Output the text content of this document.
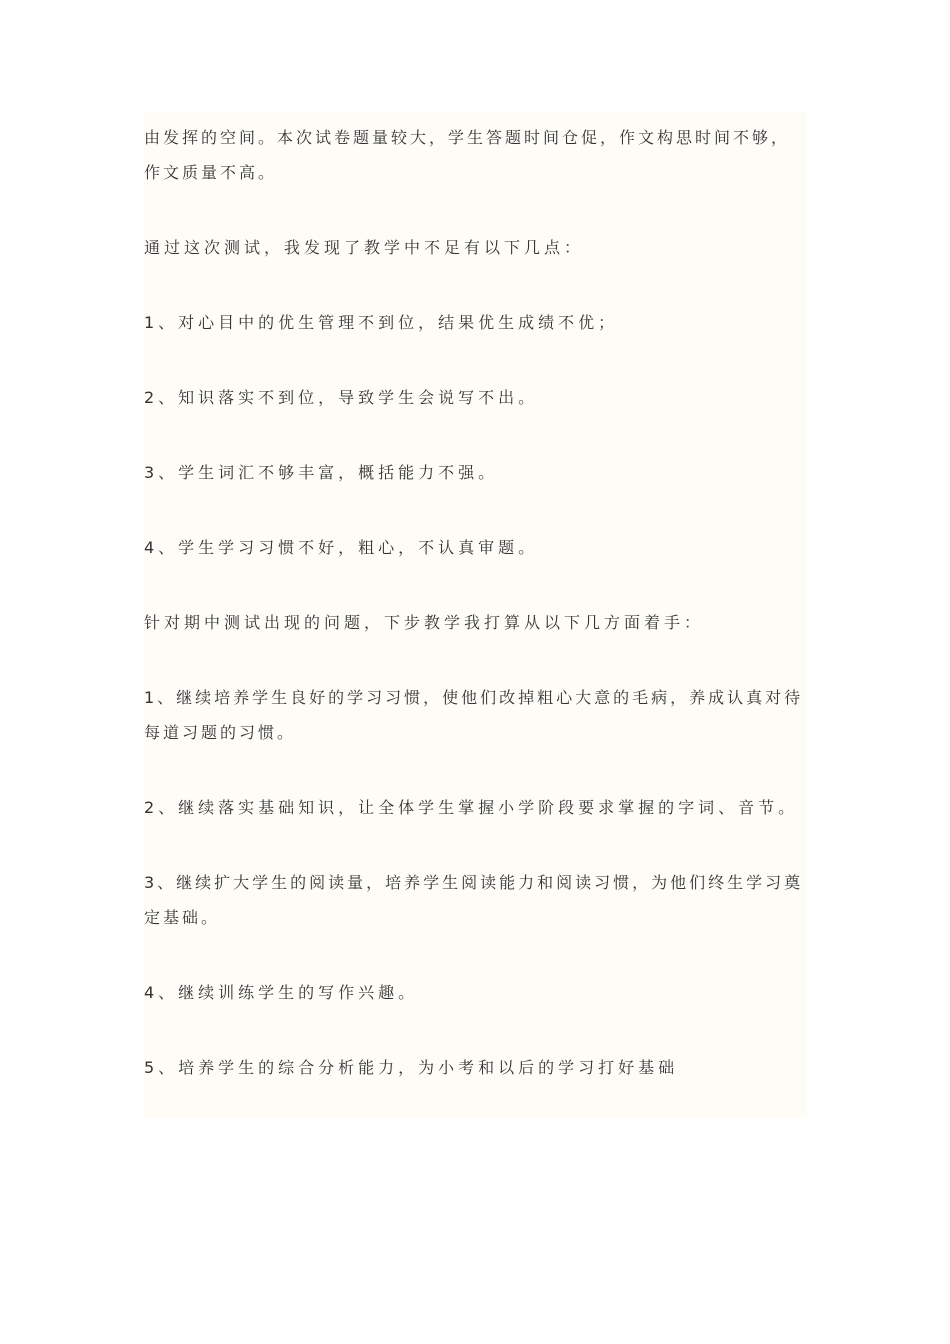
由发挥的空间。本次试卷题量较大，学生答题时间仓促，作文构思时间不够，作文质量不高。

通过这次测试，我发现了教学中不足有以下几点：

1、对心目中的优生管理不到位，结果优生成绩不优；

2、知识落实不到位，导致学生会说写不出。

3、学生词汇不够丰富，概括能力不强。

4、学生学习习惯不好，粗心，不认真审题。

针对期中测试出现的问题，下步教学我打算从以下几方面着手：

1、继续培养学生良好的学习习惯，使他们改掉粗心大意的毛病，养成认真对待每道习题的习惯。

2、继续落实基础知识，让全体学生掌握小学阶段要求掌握的字词、音节。

3、继续扩大学生的阅读量，培养学生阅读能力和阅读习惯，为他们终生学习奠定基础。

4、继续训练学生的写作兴趣。

5、培养学生的综合分析能力，为小考和以后的学习打好基础
